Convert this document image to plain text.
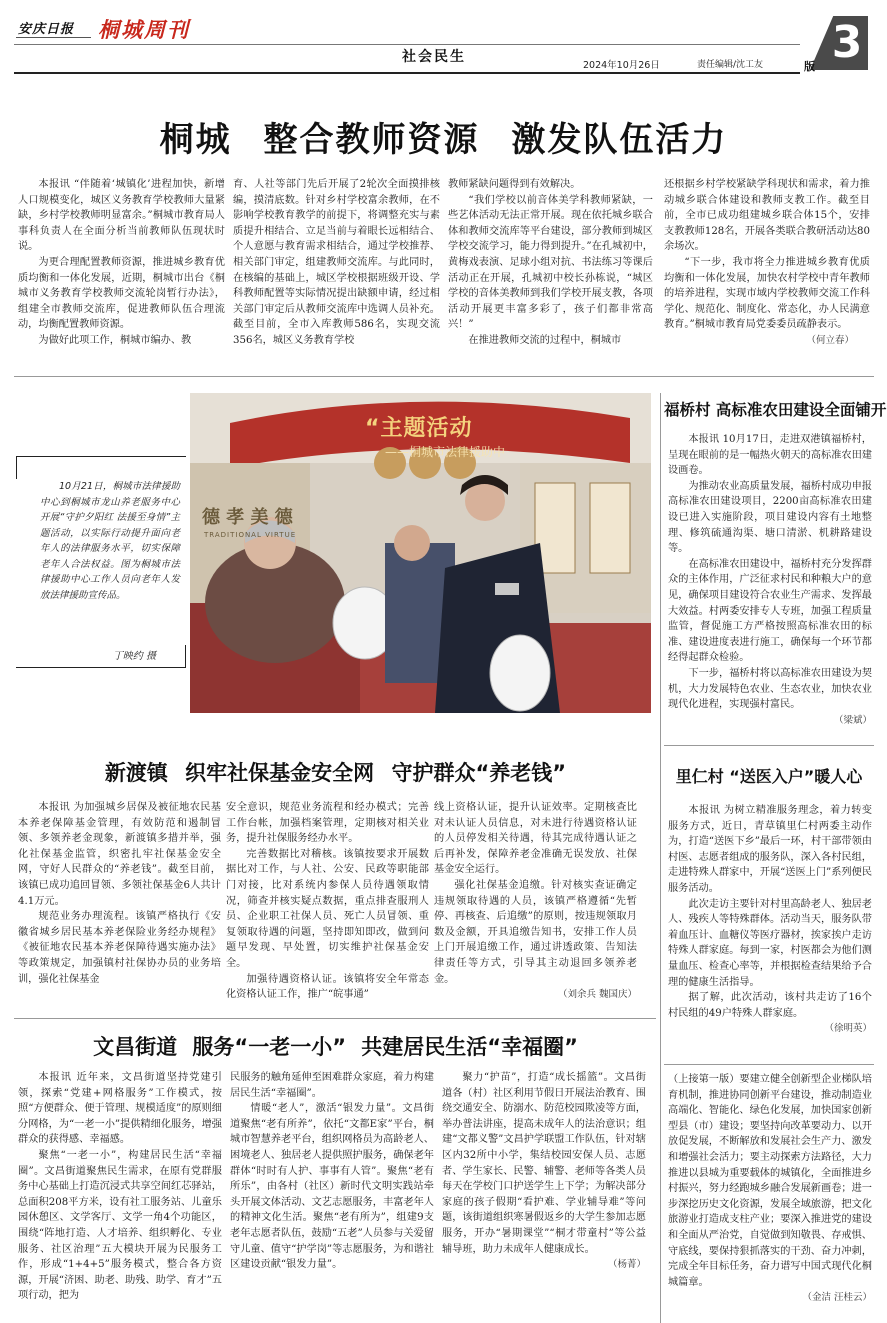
安庆日报 桐城周刊
社会民生
2024年10月26日	责任编辑/沈工友 3
版
桐城 整合教师资源 激发队伍活力

本报讯 “伴随着‘城镇化’进程加快，新增人口规模变化，城区义务教育学校教师大量紧缺，乡村学校教师明显富余。”桐城市教育局人事科负责人在全面分析当前教师队伍现状时说。

为更合理配置教师资源，推进城乡教育优质均衡和一体化发展，近期，桐城市出台《桐城市义务教育学校教师交流轮岗暂行办法》，组建全市教师交流库，促进教师队伍合理流动，均衡配置教师资源。

为做好此项工作，桐城市编办、教

育、人社等部门先后开展了2轮次全面摸排核编，摸清底数。针对乡村学校富余教师，在不影响学校教育教学的前提下，将调整充实与素质提升相结合、立足当前与着眼长远相结合、个人意愿与教育需求相结合，通过学校推荐、相关部门审定，组建教师交流库。与此同时，在核编的基础上，城区学校根据班级开设、学科教师配置等实际情况提出缺额申请，经过相关部门审定后从教师交流库中选调人员补充。截至目前，全市入库教师586名，实现交流356名，城区义务教育学校

教师紧缺问题得到有效解决。

“我们学校以前音体美学科教师紧缺，一些艺体活动无法正常开展。现在依托城乡联合体和教师交流库等平台建设，部分教师到城区学校交流学习，能力得到提升。”在孔城初中，黄梅戏表演、足球小组对抗、书法练习等课后活动正在开展，孔城初中校长孙栋说，“城区学校的音体美教师到我们学校开展支教，各项活动开展更丰富多彩了，孩子们都非常高兴！”

在推进教师交流的过程中，桐城市

还根据乡村学校紧缺学科现状和需求，着力推动城乡联合体建设和教师支教工作。截至目前，全市已成功组建城乡联合体15个，安排支教教师128名，开展各类联合教研活动达80余场次。

“下一步，我市将全力推进城乡教育优质均衡和一体化发展，加快农村学校中青年教师的培养进程，实现市域内学校教师交流工作科学化、规范化、制度化、常态化，办人民满意教育。”桐城市教育局党委委员疏静表示。

（何立春）
10月21日，桐城市法律援助中心到桐城市龙山养老服务中心开展“守护夕阳红 法援至身情”主题活动，以实际行动提升面向老年人的法律服务水平，切实保障老年人合法权益。图为桐城市法律援助中心工作人员向老年人发放法律援助宣传品。
丁映约 摄
“主题活动
——桐城市法律援助中
德 孝 美 德
TRADITIONAL VIRTUE
福桥村 高标准农田建设全面铺开

本报讯 10月17日，走进双港镇福桥村，呈现在眼前的是一幅热火朝天的高标准农田建设画卷。

为推动农业高质量发展，福桥村成功申报高标准农田建设项目，2200亩高标准农田建设已进入实施阶段，项目建设内容有土地整理、修筑硫通沟渠、塘口清淤、机耕路建设等。

在高标准农田建设中，福桥村充分发挥群众的主体作用，广泛征求村民和种粮大户的意见，确保项目建设符合农业生产需求、发挥最大效益。村两委安排专人专班，加强工程质量监管，督促施工方严格按照高标准农田的标准、建设进度表进行施工，确保每一个环节都经得起群众检验。

下一步，福桥村将以高标准农田建设为契机，大力发展特色农业、生态农业，加快农业现代化进程，实现强村富民。

（梁斌）
新渡镇 织牢社保基金安全网 守护群众“养老钱”

本报讯 为加强城乡居保及被征地农民基本养老保障基金管理，有效防范和遏制冒领、多领养老金现象，新渡镇多措并举，强化社保基金监管，织密扎牢社保基金安全网，守好人民群众的“养老钱”。截至目前，该镇已成功追回冒领、多领社保基金6人共计4.1万元。

规范业务办理流程。该镇严格执行《安徽省城乡居民基本养老保险业务经办规程》《被征地农民基本养老保障待遇实施办法》等政策规定，加强镇村社保协办员的业务培训，强化社保基金

安全意识，规范业务流程和经办模式；完善工作台帐，加强档案管理，定期核对相关业务，提升社保服务经办水平。

完善数据比对稽核。该镇按要求开展数据比对工作，与人社、公安、民政等职能部门对接，比对系统内参保人员待遇领取情况，筛查并核实疑点数据，重点排查服刑人员、企业职工社保人员、死亡人员冒领、重复领取待遇的问题，坚持即知即改，做到问题早发现、早处置，切实维护社保基金安全。

加强待遇资格认证。该镇将安全年常态化资格认证工作，推广“皖事通”

线上资格认证，提升认证效率。定期核查比对未认证人员信息，对未进行待遇资格认证的人员停发相关待遇，待其完成待遇认证之后再补发，保障养老金准确无误发放、社保基金安全运行。

强化社保基金追缴。针对核实查证确定违规领取待遇的人员，该镇严格遵循“先暂停、再核查、后追缴”的原则，按违规领取月数及金额，开具追缴告知书，安排工作人员上门开展追缴工作，通过讲透政策、告知法律责任等方式，引导其主动退回多领养老金。

（刘余兵 魏国庆）
里仁村 “送医入户”暖人心

本报讯 为树立精准服务理念，着力转变服务方式，近日，青草镇里仁村两委主动作为，打造“送医下乡”最后一环，村干部带领由村医、志愿者组成的服务队，深入各村民组，走进特殊人群家中，开展“送医上门”系列便民服务活动。

此次走访主要针对村里高龄老人、独居老人、残疾人等特殊群体。活动当天，服务队带着血压计、血糖仪等医疗器材，挨家挨户走访特殊人群家庭。每到一家，村医都会为他们测量血压、检查心率等，并根据检查结果给予合理的健康生活指导。

据了解，此次活动，该村共走访了16个村民组的49户特殊人群家庭。

（徐明英）
文昌街道 服务“一老一小” 共建居民生活“幸福圈”

本报讯 近年来，文昌街道坚持党建引领，探索“党建+网格服务”工作模式，按照“方便群众、便于管理、规模适度”的原则细分网格，为“一老一小”提供精细化服务，增强群众的获得感、幸福感。

聚焦“一老一小”，构建居民生活“幸福圈”。文昌街道聚焦民生需求，在原有党群服务中心基础上打造沉浸式共享空间红芯驿站，总面积208平方米，设有社工服务站、儿童乐园休憩区、文学客厅、文学一角4个功能区，围绕“阵地打造、人才培养、组织孵化、专业服务、社区治理”五大模块开展为民服务工作，形成“1+4+5”服务模式，整合各方资源，开展“济困、助老、助残、助学、育才”五项行动，把为

民服务的触角延伸至困难群众家庭，着力构建居民生活“幸福圈”。

情暖“老人”，激活“银发力量”。文昌街道聚焦“老有所养”，依托“文都E家”平台，桐城市智慧养老平台，组织网格员为高龄老人、困境老人、独居老人提供照护服务，确保老年群体“时时有人护、事事有人管”。聚焦“老有所乐”，由各村（社区）新时代文明实践站牵头开展文体活动、文艺志愿服务，丰富老年人的精神文化生活。聚焦“老有所为”，组建9支老年志愿者队伍，鼓励“五老”人员参与关爱留守儿童、值守“护学岗”等志愿服务，为和谐社区建设贡献“银发力量”。

聚力“护苗”，打造“成长摇篮”。文昌街道各（村）社区利用节假日开展法治教育、围绕交通安全、防溺水、防范校园欺凌等方面，举办普法讲座，提高未成年人的法治意识；组建“文都义警”文昌护学联盟工作队伍，针对辖区内32所中小学，集结校园安保人员、志愿者、学生家长、民警、辅警、老师等各类人员每天在学校门口护送学生上下学；为解决部分家庭的孩子假期“看护难、学业辅导难”等问题，该街道组织寒暑假返乡的大学生参加志愿服务，开办“暑期课堂”“桐才带童村”等公益辅导班，助力未成年人健康成长。

（杨菁）

（上接第一版）要建立健全创新型企业梯队培育机制，推进协同创新平台建设，推动制造业高端化、智能化、绿色化发展，加快国家创新型县（市）建设；要坚持向改革要动力、以开放促发展，不断解放和发展社会生产力、激发和增强社会活力；要主动探索方法路径，大力推进以县城为重要载体的城镇化，全面推进乡村振兴，努力经跑城乡融合发展新画卷；进一步深挖历史文化资源，发展全域旅游，把文化旅游业打造成支柱产业；要深入推进党的建设和全面从严治党，自觉做到知敬畏、存戒惧、守底线，要保持狠抓落实的干劲、奋力冲刺，完成全年目标任务，奋力谱写中国式现代化桐城篇章。

（金洁 汪桂云）
